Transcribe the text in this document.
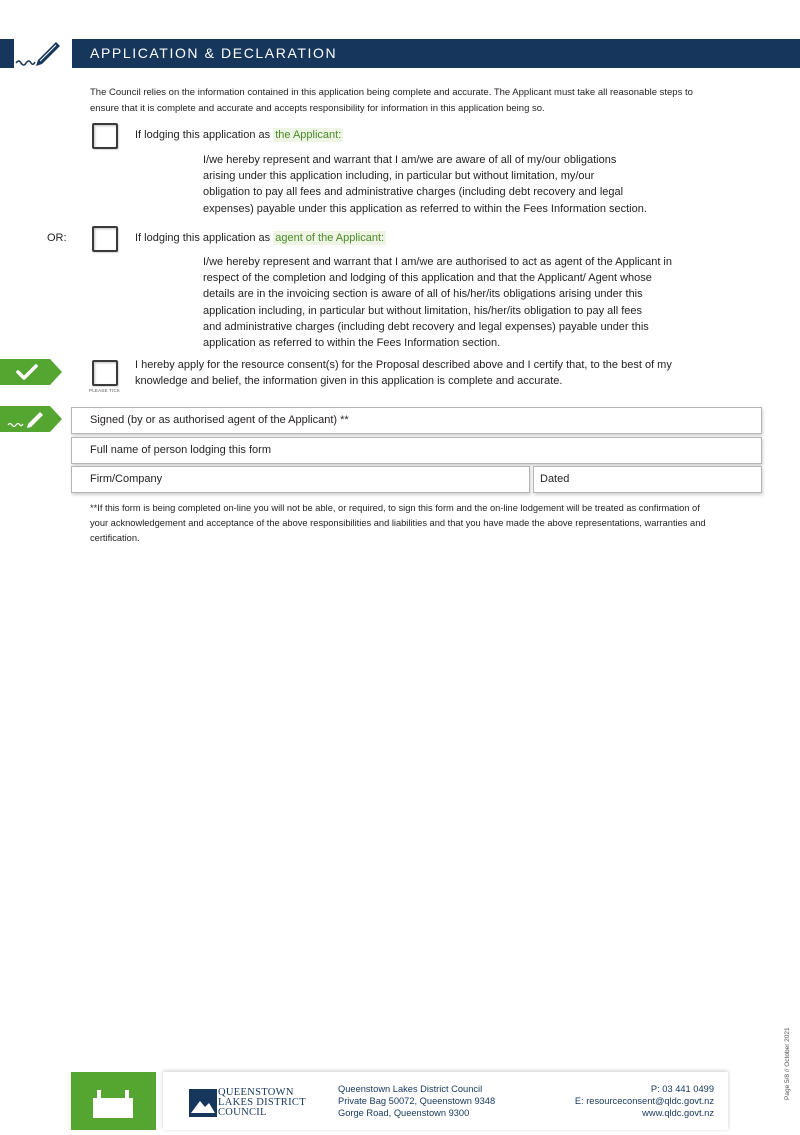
APPLICATION & DECLARATION
The Council relies on the information contained in this application being complete and accurate. The Applicant must take all reasonable steps to ensure that it is complete and accurate and accepts responsibility for information in this application being so.
If lodging this application as the Applicant:
I/we hereby represent and warrant that I am/we are aware of all of my/our obligations
arising under this application including, in particular but without limitation, my/our
obligation to pay all fees and administrative charges (including debt recovery and legal
expenses) payable under this application as referred to within the Fees Information section.
OR:	If lodging this application as agent of the Applicant:
I/we hereby represent and warrant that I am/we are authorised to act as agent of the Applicant in
respect of the completion and lodging of this application and that the Applicant/ Agent whose
details are in the invoicing section is aware of all of his/her/its obligations arising under this
application including, in particular but without limitation, his/her/its obligation to pay all fees
and administrative charges (including debt recovery and legal expenses) payable under this
application as referred to within the Fees Information section.
PLEASE TICK
I hereby apply for the resource consent(s) for the Proposal described above and I certify that, to the best of my
knowledge and belief, the information given in this application is complete and accurate.
Signed (by or as authorised agent of the Applicant) **
Full name of person lodging this form
Firm/Company	Dated
**If this form is being completed on-line you will not be able, or required, to sign this form and the on-line lodgement will be treated as confirmation of your acknowledgement and acceptance of the above responsibilities and liabilities and that you have made the above representations, warranties and certification.
QUEENSTOWN
LAKES DISTRICT
COUNCIL
Queenstown Lakes District Council
Private Bag 50072, Queenstown 9348
Gorge Road, Queenstown 9300
P: 03 441 0499
E: resourceconsent@qldc.govt.nz
www.qldc.govt.nz
Page 5/8 // October 2021
